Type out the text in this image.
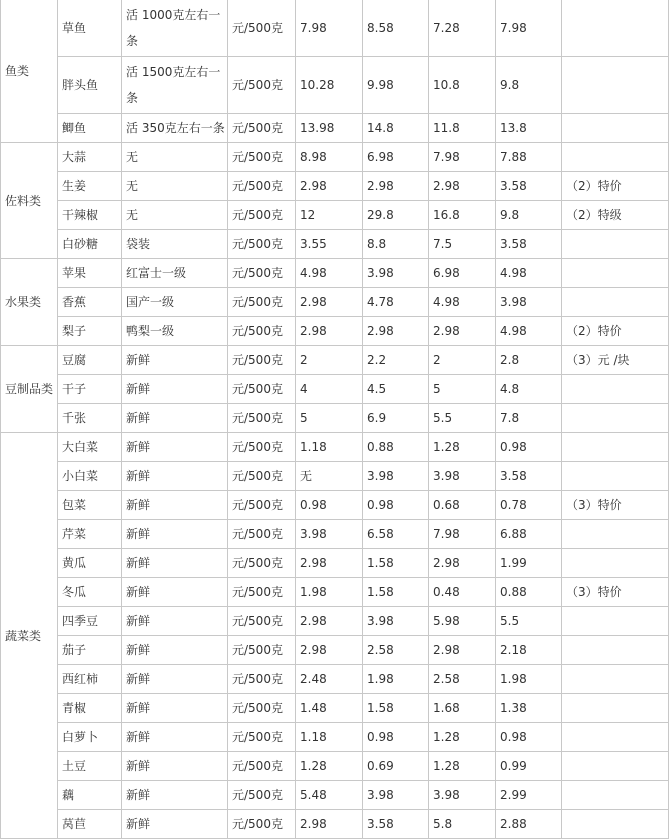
鱼类	草鱼	活 1000克左右一条	元/500克	7.98	8.58	7.28	7.98	
	胖头鱼	活 1500克左右一条	元/500克	10.28	9.98	10.8	9.8	
	鲫鱼	活 350克左右一条	元/500克	13.98	14.8	11.8	13.8	
佐料类	大蒜	无	元/500克	8.98	6.98	7.98	7.88	
	生姜	无	元/500克	2.98	2.98	2.98	3.58	（2）特价
	干辣椒	无	元/500克	12	29.8	16.8	9.8	（2）特级
	白砂糖	袋装	元/500克	3.55	8.8	7.5	3.58	
水果类	苹果	红富士一级	元/500克	4.98	3.98	6.98	4.98	
	香蕉	国产一级	元/500克	2.98	4.78	4.98	3.98	
	梨子	鸭梨一级	元/500克	2.98	2.98	2.98	4.98	（2）特价
豆制品类	豆腐	新鲜	元/500克	2	2.2	2	2.8	（3）元 /块
	干子	新鲜	元/500克	4	4.5	5	4.8	
	千张	新鲜	元/500克	5	6.9	5.5	7.8	
蔬菜类	大白菜	新鲜	元/500克	1.18	0.88	1.28	0.98	
	小白菜	新鲜	元/500克	无	3.98	3.98	3.58	
	包菜	新鲜	元/500克	0.98	0.98	0.68	0.78	（3）特价
	芹菜	新鲜	元/500克	3.98	6.58	7.98	6.88	
	黄瓜	新鲜	元/500克	2.98	1.58	2.98	1.99	
	冬瓜	新鲜	元/500克	1.98	1.58	0.48	0.88	（3）特价
	四季豆	新鲜	元/500克	2.98	3.98	5.98	5.5	
	茄子	新鲜	元/500克	2.98	2.58	2.98	2.18	
	西红柿	新鲜	元/500克	2.48	1.98	2.58	1.98	
	青椒	新鲜	元/500克	1.48	1.58	1.68	1.38	
	白萝卜	新鲜	元/500克	1.18	0.98	1.28	0.98	
	土豆	新鲜	元/500克	1.28	0.69	1.28	0.99	
	藕	新鲜	元/500克	5.48	3.98	3.98	2.99	
	莴苣	新鲜	元/500克	2.98	3.58	5.8	2.88	
